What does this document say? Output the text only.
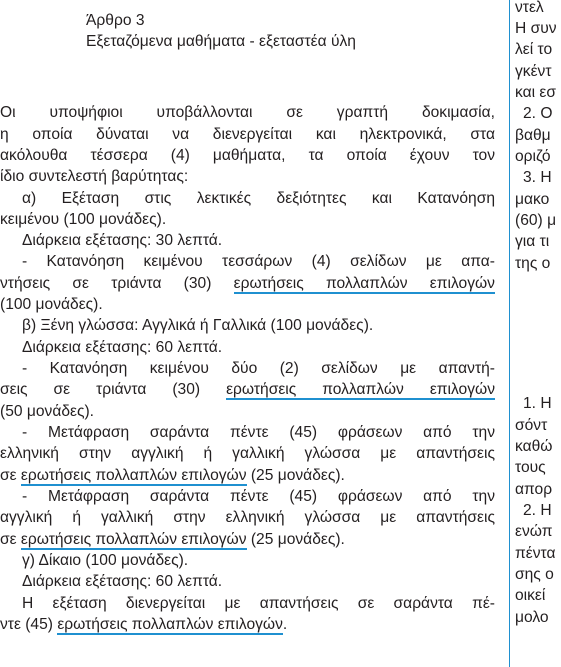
Άρθρο 3
Εξεταζόμενα μαθήματα - εξεταστέα ύλη
Οι υποψήφιοι υποβάλλονται σε γραπτή δοκιμασία,
η οποία δύναται να διενεργείται και ηλεκτρονικά, στα
ακόλουθα τέσσερα (4) μαθήματα, τα οποία έχουν τον
ίδιο συντελεστή βαρύτητας:
α) Εξέταση στις λεκτικές δεξιότητες και Κατανόηση
κειμένου (100 μονάδες).
Διάρκεια εξέτασης: 30 λεπτά.
- Κατανόηση κειμένου τεσσάρων (4) σελίδων με απα-
ντήσεις σε τριάντα (30) ερωτήσεις πολλαπλών επιλογών
(100 μονάδες).
β) Ξένη γλώσσα: Αγγλικά ή Γαλλικά (100 μονάδες).
Διάρκεια εξέτασης: 60 λεπτά.
- Κατανόηση κειμένου δύο (2) σελίδων με απαντή-
σεις σε τριάντα (30) ερωτήσεις πολλαπλών επιλογών
(50 μονάδες).
- Μετάφραση σαράντα πέντε (45) φράσεων από την
ελληνική στην αγγλική ή γαλλική γλώσσα με απαντήσεις
σε ερωτήσεις πολλαπλών επιλογών (25 μονάδες).
- Μετάφραση σαράντα πέντε (45) φράσεων από την
αγγλική ή γαλλική στην ελληνική γλώσσα με απαντήσεις
σε ερωτήσεις πολλαπλών επιλογών (25 μονάδες).
γ) Δίκαιο (100 μονάδες).
Διάρκεια εξέτασης: 60 λεπτά.
Η εξέταση διενεργείται με απαντήσεις σε σαράντα πέ-
ντε (45) ερωτήσεις πολλαπλών επιλογών.
ντελ
Η συν
λεί το
γκέντ
και εσ
2. Ο
βαθμ
οριζό
3. Η
μακο
(60) μ
για τι
της ο
1. Η
σόντ
καθώ
τους
απορ
2. Η
ενώπ
πέντα
σης ο
οικεί
μολο
